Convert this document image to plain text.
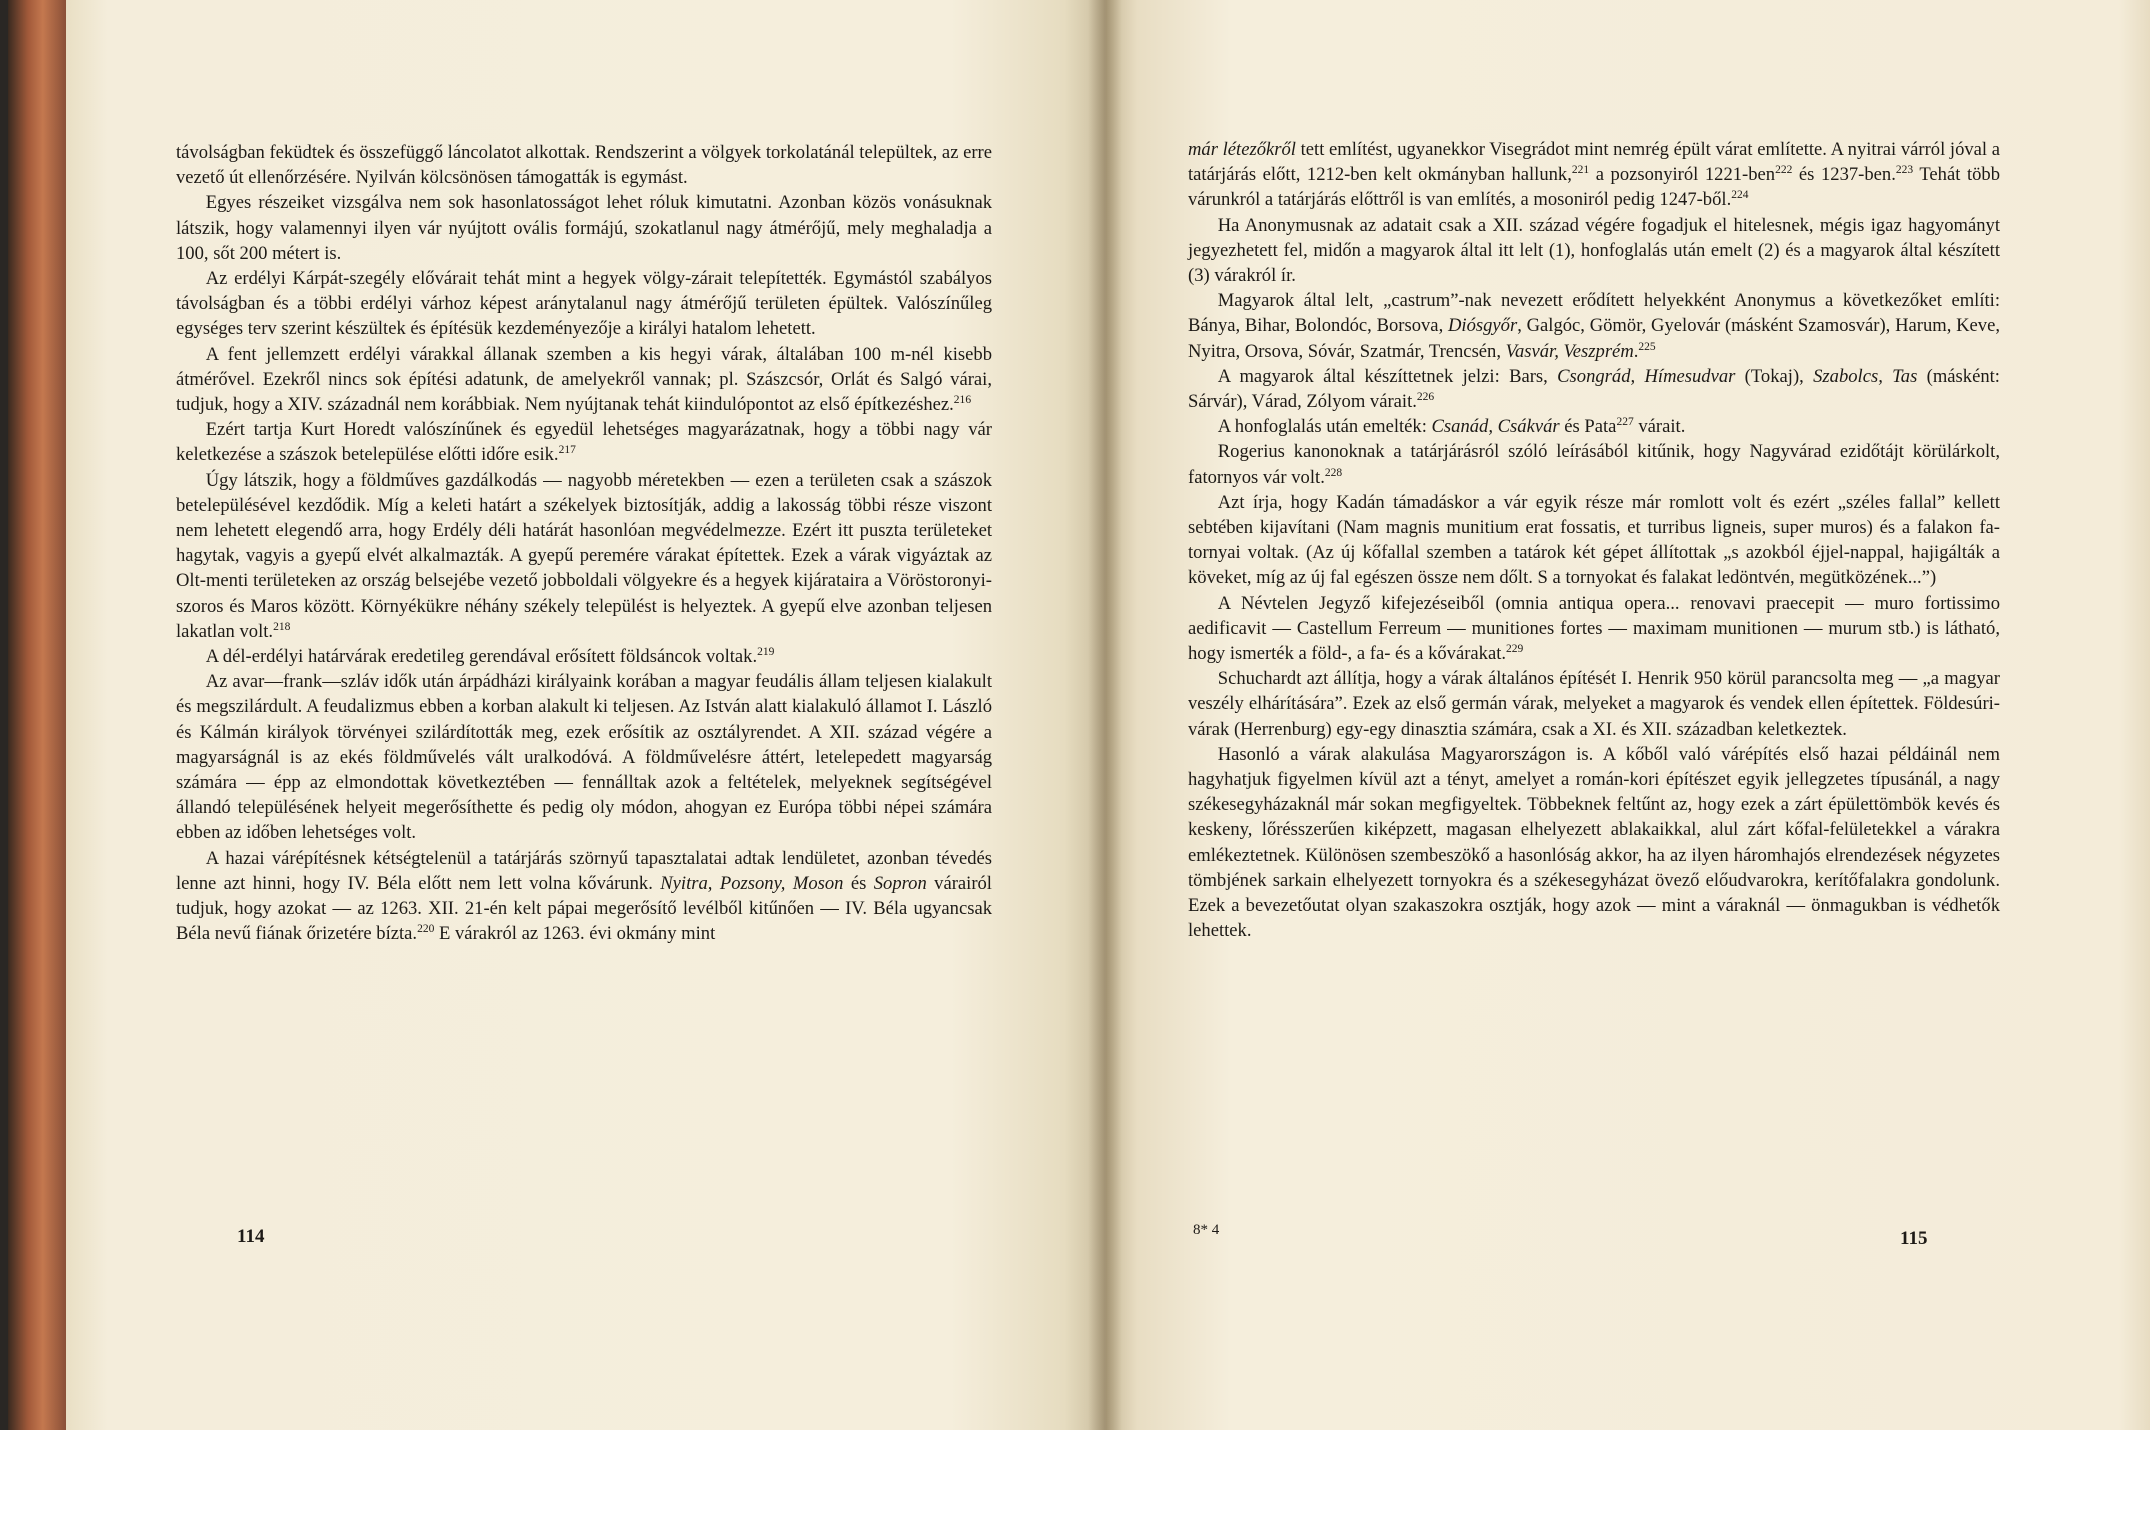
távolságban feküdtek és összefüggő láncolatot alkottak. Rendszerint a völgyek torkolatánál települtek, az erre vezető út ellenőrzésére. Nyilván kölcsönösen támogatták is egymást.

Egyes részeiket vizsgálva nem sok hasonlatosságot lehet róluk kimutatni. Azonban közös vonásuknak látszik, hogy valamennyi ilyen vár nyújtott ovális formájú, szokatlanul nagy átmérőjű, mely meghaladja a 100, sőt 200 métert is.

Az erdélyi Kárpát-szegély elővárait tehát mint a hegyek völgy-zárait telepítették. Egymástól szabályos távolságban és a többi erdélyi várhoz képest aránytalanul nagy átmérőjű területen épültek. Valószínűleg egységes terv szerint készültek és építésük kezdeményezője a királyi hatalom lehetett.

A fent jellemzett erdélyi várakkal állanak szemben a kis hegyi várak, általában 100 m-nél kisebb átmérővel. Ezekről nincs sok építési adatunk, de amelyekről vannak; pl. Szászcsór, Orlát és Salgó várai, tudjuk, hogy a XIV. századnál nem korábbiak. Nem nyújtanak tehát kiindulópontot az első építkezéshez.$^{216}$

Ezért tartja Kurt Horedt valószínűnek és egyedül lehetséges magyarázatnak, hogy a többi nagy vár keletkezése a szászok betelepülése előtti időre esik.$^{217}$

Úgy látszik, hogy a földműves gazdálkodás — nagyobb méretekben — ezen a területen csak a szászok betelepülésével kezdődik. Míg a keleti határt a székelyek biztosítják, addig a lakosság többi része viszont nem lehetett elegendő arra, hogy Erdély déli határát hasonlóan megvédelmezze. Ezért itt puszta területeket hagytak, vagyis a gyepű elvét alkalmazták. A gyepű peremére várakat építettek. Ezek a várak vigyáztak az Olt-menti területeken az ország belsejébe vezető jobboldali völgyekre és a hegyek kijárataira a Vöröstoronyi-szoros és Maros között. Környékükre néhány székely települést is helyeztek. A gyepű elve azonban teljesen lakatlan volt.$^{218}$

A dél-erdélyi határvárak eredetileg gerendával erősített földsáncok voltak.$^{219}$

Az avar—frank—szláv idők után árpádházi királyaink korában a magyar feudális állam teljesen kialakult és megszilárdult. A feudalizmus ebben a korban alakult ki teljesen. Az István alatt kialakuló államot I. László és Kálmán királyok törvényei szilárdították meg, ezek erősítik az osztályrendet. A XII. század végére a magyarságnál is az ekés földművelés vált uralkodóvá. A földművelésre áttért, letelepedett magyarság számára — épp az elmondottak következtében — fennálltak azok a feltételek, melyeknek segítségével állandó településének helyeit megerősíthette és pedig oly módon, ahogyan ez Európa többi népei számára ebben az időben lehetséges volt.

A hazai várépítésnek kétségtelenül a tatárjárás szörnyű tapasztalatai adtak lendületet, azonban tévedés lenne azt hinni, hogy IV. Béla előtt nem lett volna kővárunk. Nyitra, Pozsony, Moson és Sopron várairól tudjuk, hogy azokat — az 1263. XII. 21-én kelt pápai megerősítő levélből kitűnően — IV. Béla ugyancsak Béla nevű fiának őrizetére bízta.$^{220}$ E várakról az 1263. évi okmány mint

már létezőkről tett említést, ugyanekkor Visegrádot mint nemrég épült várat említette. A nyitrai várról jóval a tatárjárás előtt, 1212-ben kelt okmányban hallunk,$^{221}$ a pozsonyiról 1221-ben$^{222}$ és 1237-ben.$^{223}$ Tehát több várunkról a tatárjárás előttről is van említés, a mosoniról pedig 1247-ből.$^{224}$

Ha Anonymusnak az adatait csak a XII. század végére fogadjuk el hitelesnek, mégis igaz hagyományt jegyezhetett fel, midőn a magyarok által itt lelt (1), honfoglalás után emelt (2) és a magyarok által készített (3) várakról ír.

Magyarok által lelt, „castrum”-nak nevezett erődített helyekként Anonymus a következőket említi: Bánya, Bihar, Bolondóc, Borsova, Diósgyőr, Galgóc, Gömör, Gyelovár (másként Szamosvár), Harum, Keve, Nyitra, Orsova, Sóvár, Szatmár, Trencsén, Vasvár, Veszprém.$^{225}$

A magyarok által készíttetnek jelzi: Bars, Csongrád, Hímesudvar (Tokaj), Szabolcs, Tas (másként: Sárvár), Várad, Zólyom várait.$^{226}$

A honfoglalás után emelték: Csanád, Csákvár és Pata$^{227}$ várait.

Rogerius kanonoknak a tatárjárásról szóló leírásából kitűnik, hogy Nagyvárad ezidőtájt körülárkolt, fatornyos vár volt.$^{228}$

Azt írja, hogy Kadán támadáskor a vár egyik része már romlott volt és ezért „széles fallal” kellett sebtében kijavítani (Nam magnis munitium erat fossatis, et turribus ligneis, super muros) és a falakon fa-tornyai voltak. (Az új kőfallal szemben a tatárok két gépet állítottak „s azokból éjjel-nappal, hajigálták a köveket, míg az új fal egészen össze nem dőlt. S a tornyokat és falakat ledöntvén, megütközének...”)

A Névtelen Jegyző kifejezéseiből (omnia antiqua opera... renovavi praecepit — muro fortissimo aedificavit — Castellum Ferreum — munitiones fortes — maximam munitionen — murum stb.) is látható, hogy ismerték a föld-, a fa- és a kővárakat.$^{229}$

Schuchardt azt állítja, hogy a várak általános építését I. Henrik 950 körül parancsolta meg — „a magyar veszély elhárítására”. Ezek az első germán várak, melyeket a magyarok és vendek ellen építettek. Földesúri-várak (Herrenburg) egy-egy dinasztia számára, csak a XI. és XII. században keletkeztek.

Hasonló a várak alakulása Magyarországon is. A kőből való várépítés első hazai példáinál nem hagyhatjuk figyelmen kívül azt a tényt, amelyet a román-kori építészet egyik jellegzetes típusánál, a nagy székesegyházaknál már sokan megfigyeltek. Többeknek feltűnt az, hogy ezek a zárt épülettömbök kevés és keskeny, lőrésszerűen kiképzett, magasan elhelyezett ablakaikkal, alul zárt kőfal-felületekkel a várakra emlékeztetnek. Különösen szembeszökő a hasonlóság akkor, ha az ilyen háromhajós elrendezések négyzetes tömbjének sarkain elhelyezett tornyokra és a székesegyházat övező előudvarokra, kerítőfalakra gondolunk. Ezek a bevezetőutat olyan szakaszokra osztják, hogy azok — mint a váraknál — önmagukban is védhetők lehettek.

114	8* 4	115
